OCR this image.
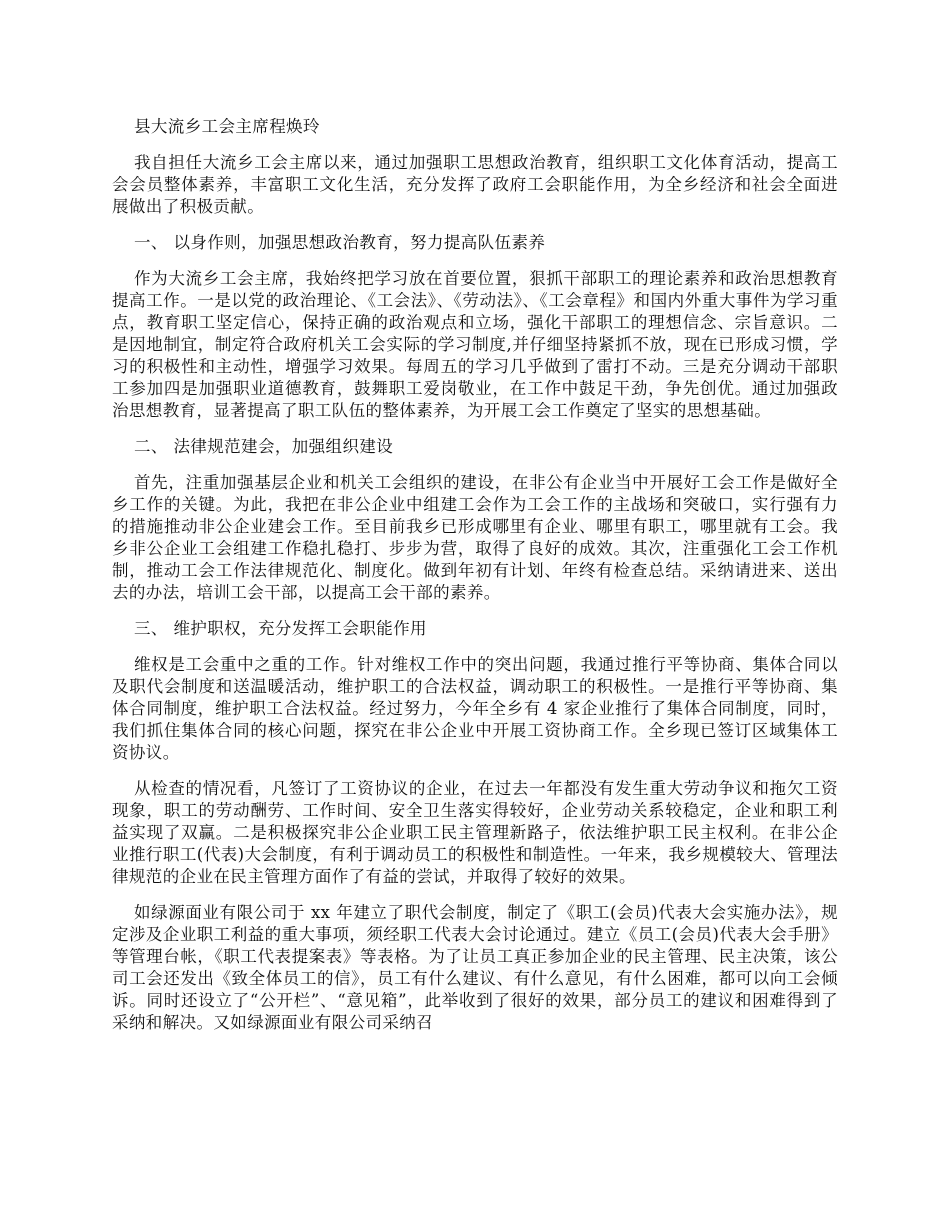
县大流乡工会主席程焕玲

我自担任大流乡工会主席以来，通过加强职工思想政治教育，组织职工文化体育活动，提高工会会员整体素养，丰富职工文化生活，充分发挥了政府工会职能作用，为全乡经济和社会全面进展做出了积极贡献。

一、 以身作则，加强思想政治教育，努力提高队伍素养

作为大流乡工会主席，我始终把学习放在首要位置，狠抓干部职工的理论素养和政治思想教育提高工作。一是以党的政治理论、《工会法》、《劳动法》、《工会章程》和国内外重大事件为学习重点，教育职工坚定信心，保持正确的政治观点和立场，强化干部职工的理想信念、宗旨意识。二是因地制宜，制定符合政府机关工会实际的学习制度,并仔细坚持紧抓不放，现在已形成习惯，学习的积极性和主动性，增强学习效果。每周五的学习几乎做到了雷打不动。三是充分调动干部职工参加四是加强职业道德教育，鼓舞职工爱岗敬业，在工作中鼓足干劲，争先创优。通过加强政治思想教育，显著提高了职工队伍的整体素养，为开展工会工作奠定了坚实的思想基础。

二、 法律规范建会，加强组织建设

首先，注重加强基层企业和机关工会组织的建设，在非公有企业当中开展好工会工作是做好全乡工作的关键。为此，我把在非公企业中组建工会作为工会工作的主战场和突破口，实行强有力的措施推动非公企业建会工作。至目前我乡已形成哪里有企业、哪里有职工，哪里就有工会。我乡非公企业工会组建工作稳扎稳打、步步为营，取得了良好的成效。其次，注重强化工会工作机制，推动工会工作法律规范化、制度化。做到年初有计划、年终有检查总结。采纳请进来、送出去的办法，培训工会干部，以提高工会干部的素养。

三、 维护职权，充分发挥工会职能作用

维权是工会重中之重的工作。针对维权工作中的突出问题，我通过推行平等协商、集体合同以及职代会制度和送温暖活动，维护职工的合法权益，调动职工的积极性。一是推行平等协商、集体合同制度，维护职工合法权益。经过努力，今年全乡有 4 家企业推行了集体合同制度，同时，我们抓住集体合同的核心问题，探究在非公企业中开展工资协商工作。全乡现已签订区域集体工资协议。

从检查的情况看，凡签订了工资协议的企业，在过去一年都没有发生重大劳动争议和拖欠工资现象，职工的劳动酬劳、工作时间、安全卫生落实得较好，企业劳动关系较稳定，企业和职工利益实现了双赢。二是积极探究非公企业职工民主管理新路子，依法维护职工民主权利。在非公企业推行职工(代表)大会制度，有利于调动员工的积极性和制造性。一年来，我乡规模较大、管理法律规范的企业在民主管理方面作了有益的尝试，并取得了较好的效果。

如绿源面业有限公司于 xx 年建立了职代会制度，制定了《职工(会员)代表大会实施办法》，规定涉及企业职工利益的重大事项，须经职工代表大会讨论通过。建立《员工(会员)代表大会手册》等管理台帐，《职工代表提案表》等表格。为了让员工真正参加企业的民主管理、民主决策，该公司工会还发出《致全体员工的信》，员工有什么建议、有什么意见，有什么困难，都可以向工会倾诉。同时还设立了“公开栏”、“意见箱”，此举收到了很好的效果，部分员工的建议和困难得到了采纳和解决。又如绿源面业有限公司采纳召
